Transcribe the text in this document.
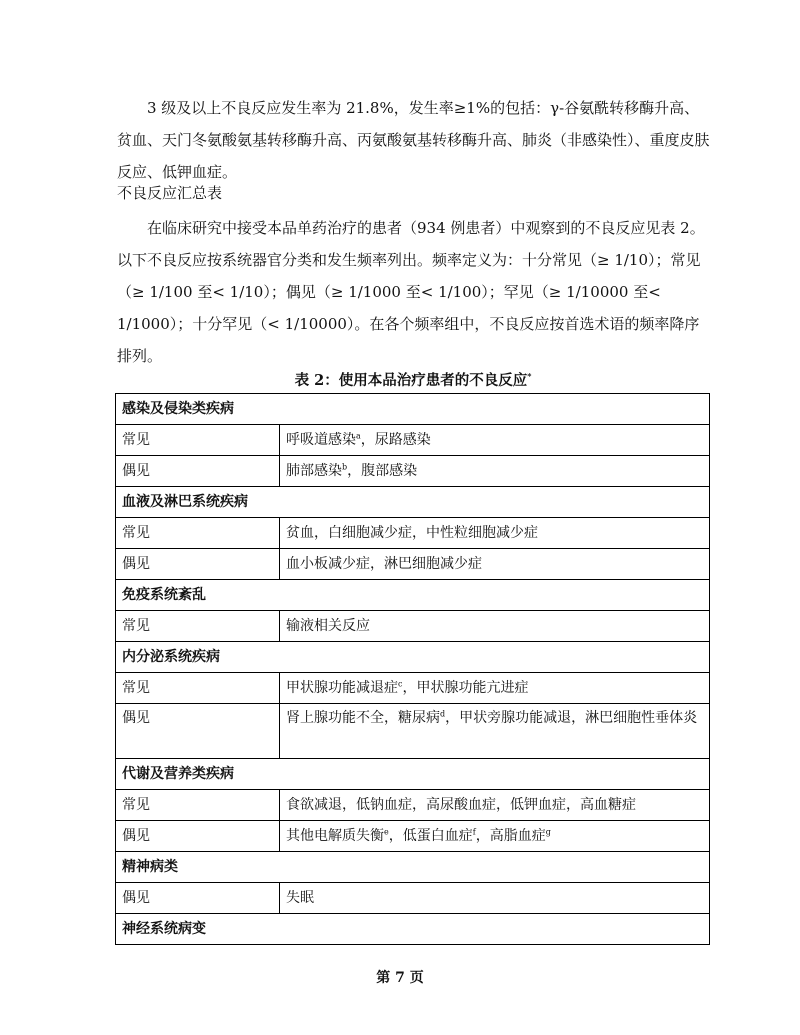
3 级及以上不良反应发生率为 21.8%，发生率≥1%的包括：γ-谷氨酰转移酶升高、贫血、天门冬氨酸氨基转移酶升高、丙氨酸氨基转移酶升高、肺炎（非感染性）、重度皮肤反应、低钾血症。

不良反应汇总表

在临床研究中接受本品单药治疗的患者（934 例患者）中观察到的不良反应见表 2。以下不良反应按系统器官分类和发生频率列出。频率定义为：十分常见（≥ 1/10）；常见（≥ 1/100 至< 1/10）；偶见（≥ 1/1000 至< 1/100）；罕见（≥ 1/10000 至< 1/1000）；十分罕见（< 1/10000）。在各个频率组中，不良反应按首选术语的频率降序排列。

表 2：使用本品治疗患者的不良反应*

感染及侵染类疾病	
常见	呼吸道感染$^a$，尿路感染
偶见	肺部感染$^b$，腹部感染
血液及淋巴系统疾病	
常见	贫血，白细胞减少症，中性粒细胞减少症
偶见	血小板减少症，淋巴细胞减少症
免疫系统紊乱	
常见	输液相关反应
内分泌系统疾病	
常见	甲状腺功能减退症$^c$，甲状腺功能亢进症
偶见	肾上腺功能不全，糖尿病$^d$，甲状旁腺功能减退，淋巴细胞性垂体炎
代谢及营养类疾病	
常见	食欲减退，低钠血症，高尿酸血症，低钾血症，高血糖症
偶见	其他电解质失衡$^e$，低蛋白血症$^f$，高脂血症$^g$
精神病类	
偶见	失眠
神经系统病变	
第 7 页
